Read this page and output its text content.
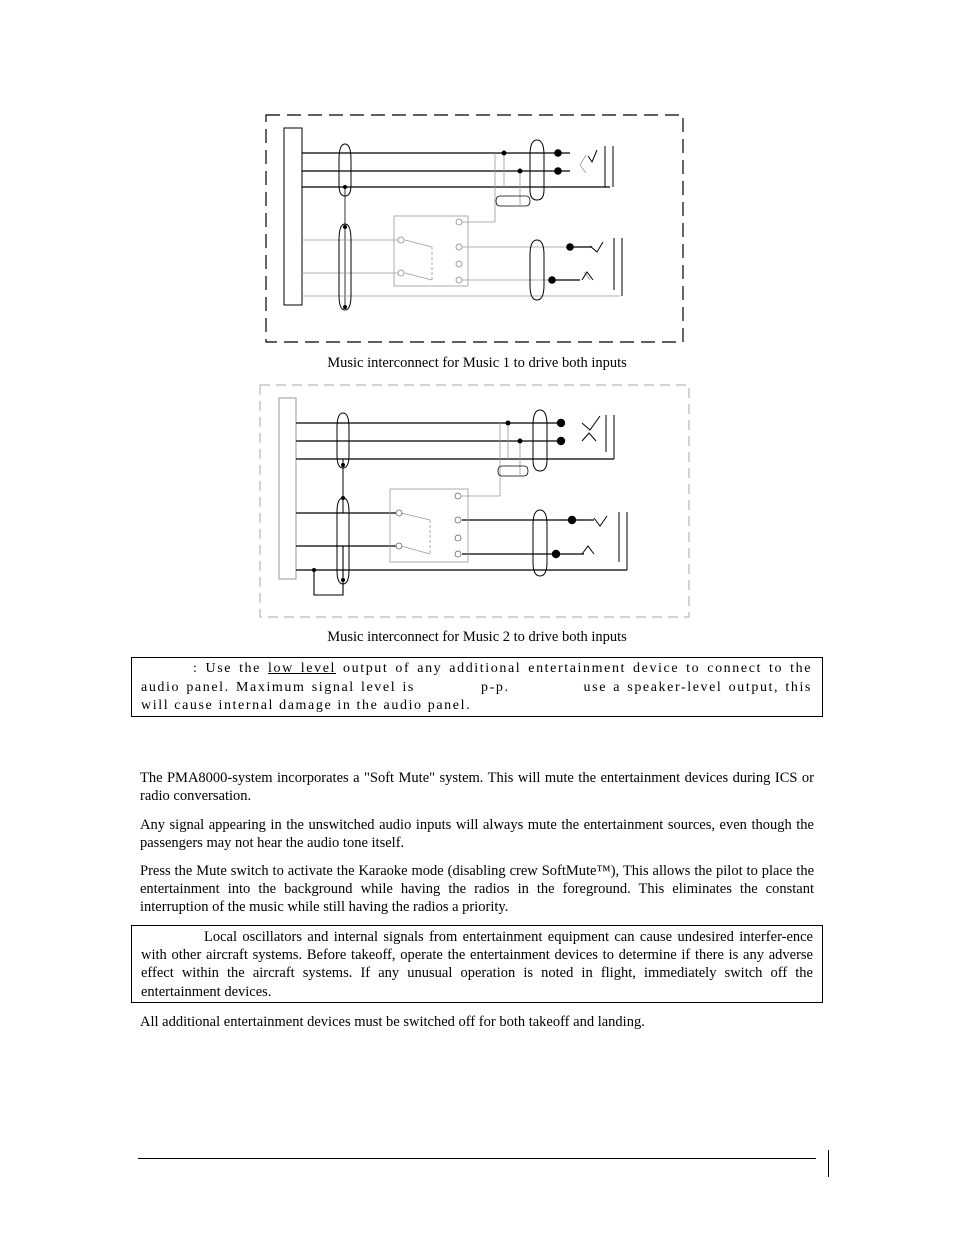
Music interconnect for Music 1 to drive both inputs
Music interconnect for Music 2 to drive both inputs
: Use the low level output of any additional entertainment device to connect to the audio panel. Maximum signal level is	p-p.	use a speaker-level output, this will cause internal damage in the audio panel.
The PMA8000-system incorporates a "Soft Mute" system. This will mute the entertainment devices during ICS or radio conversation.
Any signal appearing in the unswitched audio inputs will always mute the entertainment sources, even though the passengers may not hear the audio tone itself.
Press the Mute switch to activate the Karaoke mode (disabling crew SoftMute™), This allows the pilot to place the entertainment into the background while having the radios in the foreground. This eliminates the constant interruption of the music while still having the radios a priority.
Local oscillators and internal signals from entertainment equipment can cause undesired interfer-ence with other aircraft systems. Before takeoff, operate the entertainment devices to determine if there is any adverse effect within the aircraft systems. If any unusual operation is noted in flight, immediately switch off the entertainment devices.
All additional entertainment devices must be switched off for both takeoff and landing.
